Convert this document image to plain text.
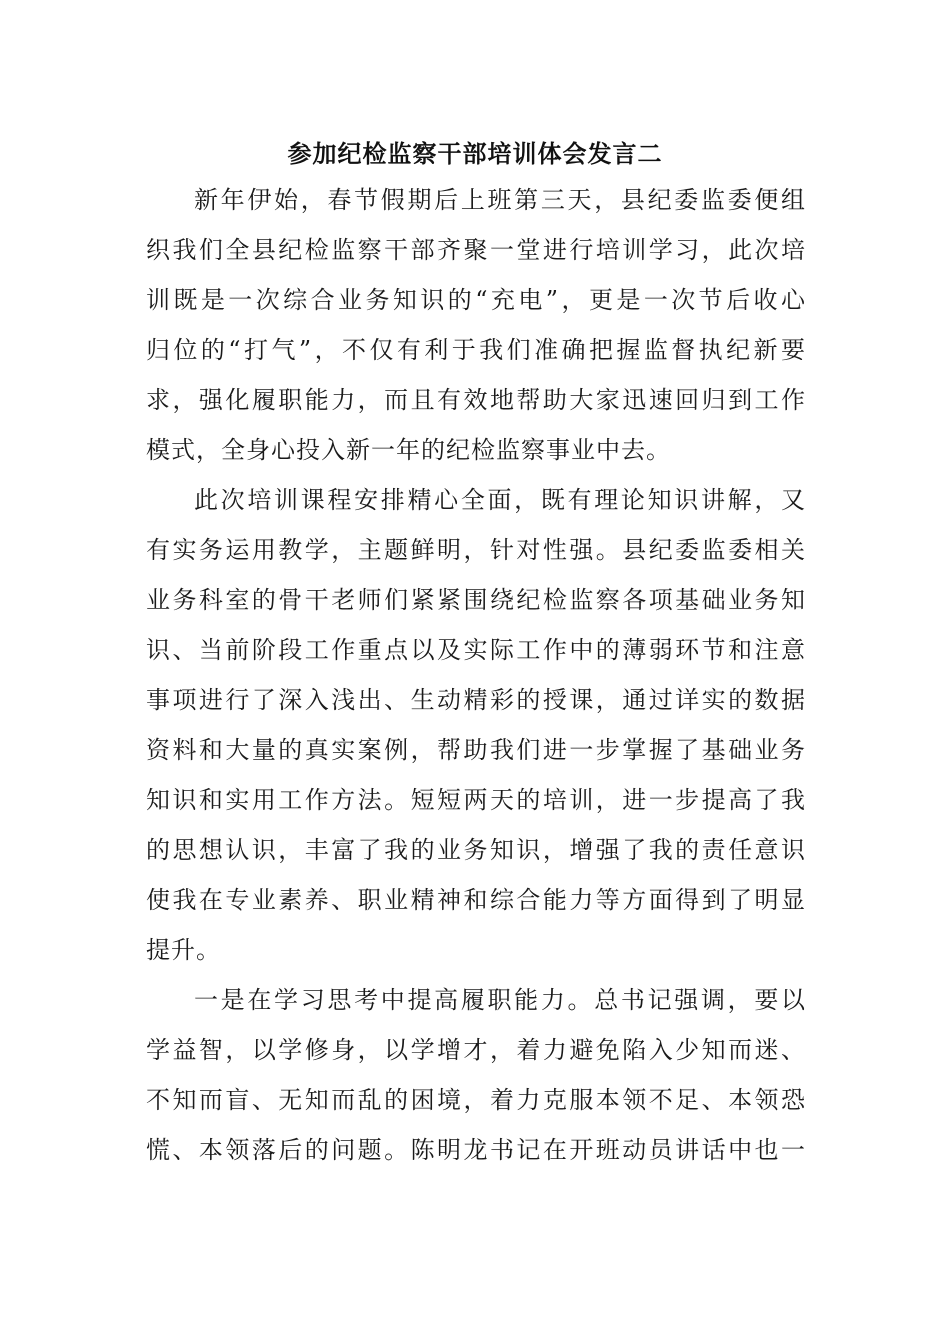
参加纪检监察干部培训体会发言二
新年伊始，春节假期后上班第三天，县纪委监委便组
织我们全县纪检监察干部齐聚一堂进行培训学习，此次培
训既是一次综合业务知识的“充电”，更是一次节后收心
归位的“打气”，不仅有利于我们准确把握监督执纪新要
求，强化履职能力，而且有效地帮助大家迅速回归到工作
模式，全身心投入新一年的纪检监察事业中去。
此次培训课程安排精心全面，既有理论知识讲解，又
有实务运用教学，主题鲜明，针对性强。县纪委监委相关
业务科室的骨干老师们紧紧围绕纪检监察各项基础业务知
识、当前阶段工作重点以及实际工作中的薄弱环节和注意
事项进行了深入浅出、生动精彩的授课，通过详实的数据
资料和大量的真实案例，帮助我们进一步掌握了基础业务
知识和实用工作方法。短短两天的培训，进一步提高了我
的思想认识，丰富了我的业务知识，增强了我的责任意识
使我在专业素养、职业精神和综合能力等方面得到了明显
提升。
一是在学习思考中提高履职能力。总书记强调，要以
学益智，以学修身，以学增才，着力避免陷入少知而迷、
不知而盲、无知而乱的困境，着力克服本领不足、本领恐
慌、本领落后的问题。陈明龙书记在开班动员讲话中也一
